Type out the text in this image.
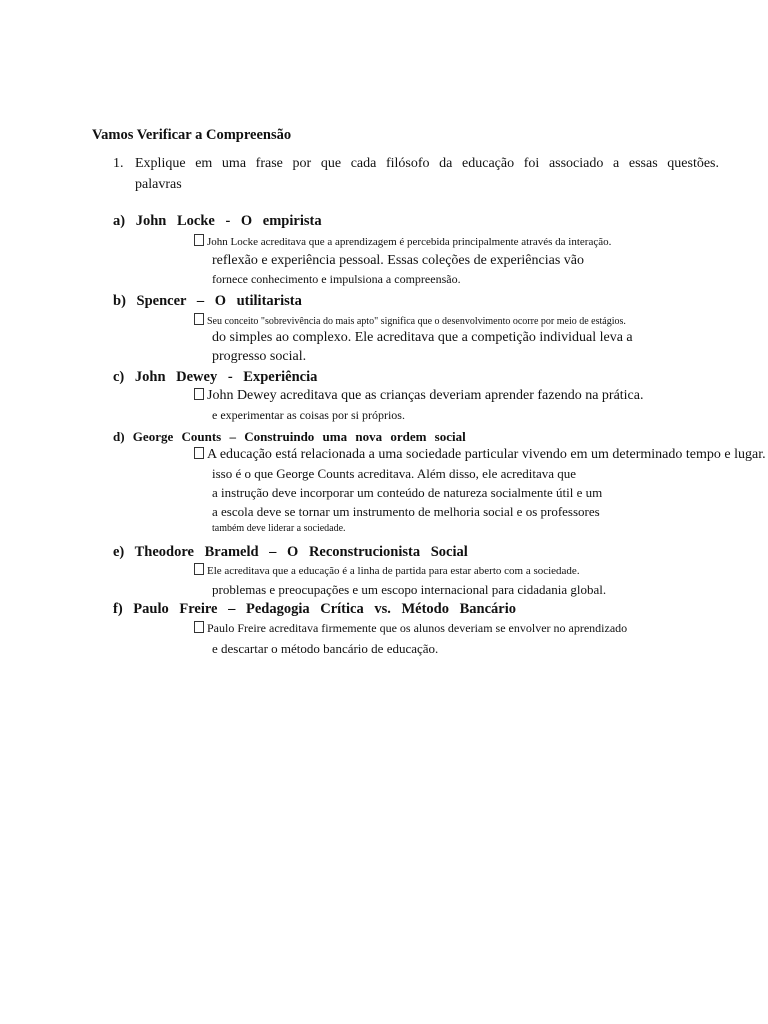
Vamos Verificar a Compreensão
1. Explique em uma frase por que cada filósofo da educação foi associado a essas questões.
palavras
a) John Locke - O empirista
John Locke acreditava que a aprendizagem é percebida principalmente através da interação.
reflexão e experiência pessoal. Essas coleções de experiências vão
fornece conhecimento e impulsiona a compreensão.
b) Spencer – O utilitarista
Seu conceito "sobrevivência do mais apto" significa que o desenvolvimento ocorre por meio de estágios.
do simples ao complexo. Ele acreditava que a competição individual leva a
progresso social.
c) John Dewey - Experiência
John Dewey acreditava que as crianças deveriam aprender fazendo na prática.
e experimentar as coisas por si próprios.
d) George Counts – Construindo uma nova ordem social
A educação está relacionada a uma sociedade particular vivendo em um determinado tempo e lugar.
isso é o que George Counts acreditava. Além disso, ele acreditava que
a instrução deve incorporar um conteúdo de natureza socialmente útil e um
a escola deve se tornar um instrumento de melhoria social e os professores
também deve liderar a sociedade.
e) Theodore Brameld – O Reconstrucionista Social
Ele acreditava que a educação é a linha de partida para estar aberto com a sociedade.
problemas e preocupações e um escopo internacional para cidadania global.
f) Paulo Freire – Pedagogia Crítica vs. Método Bancário
Paulo Freire acreditava firmemente que os alunos deveriam se envolver no aprendizado
e descartar o método bancário de educação.
